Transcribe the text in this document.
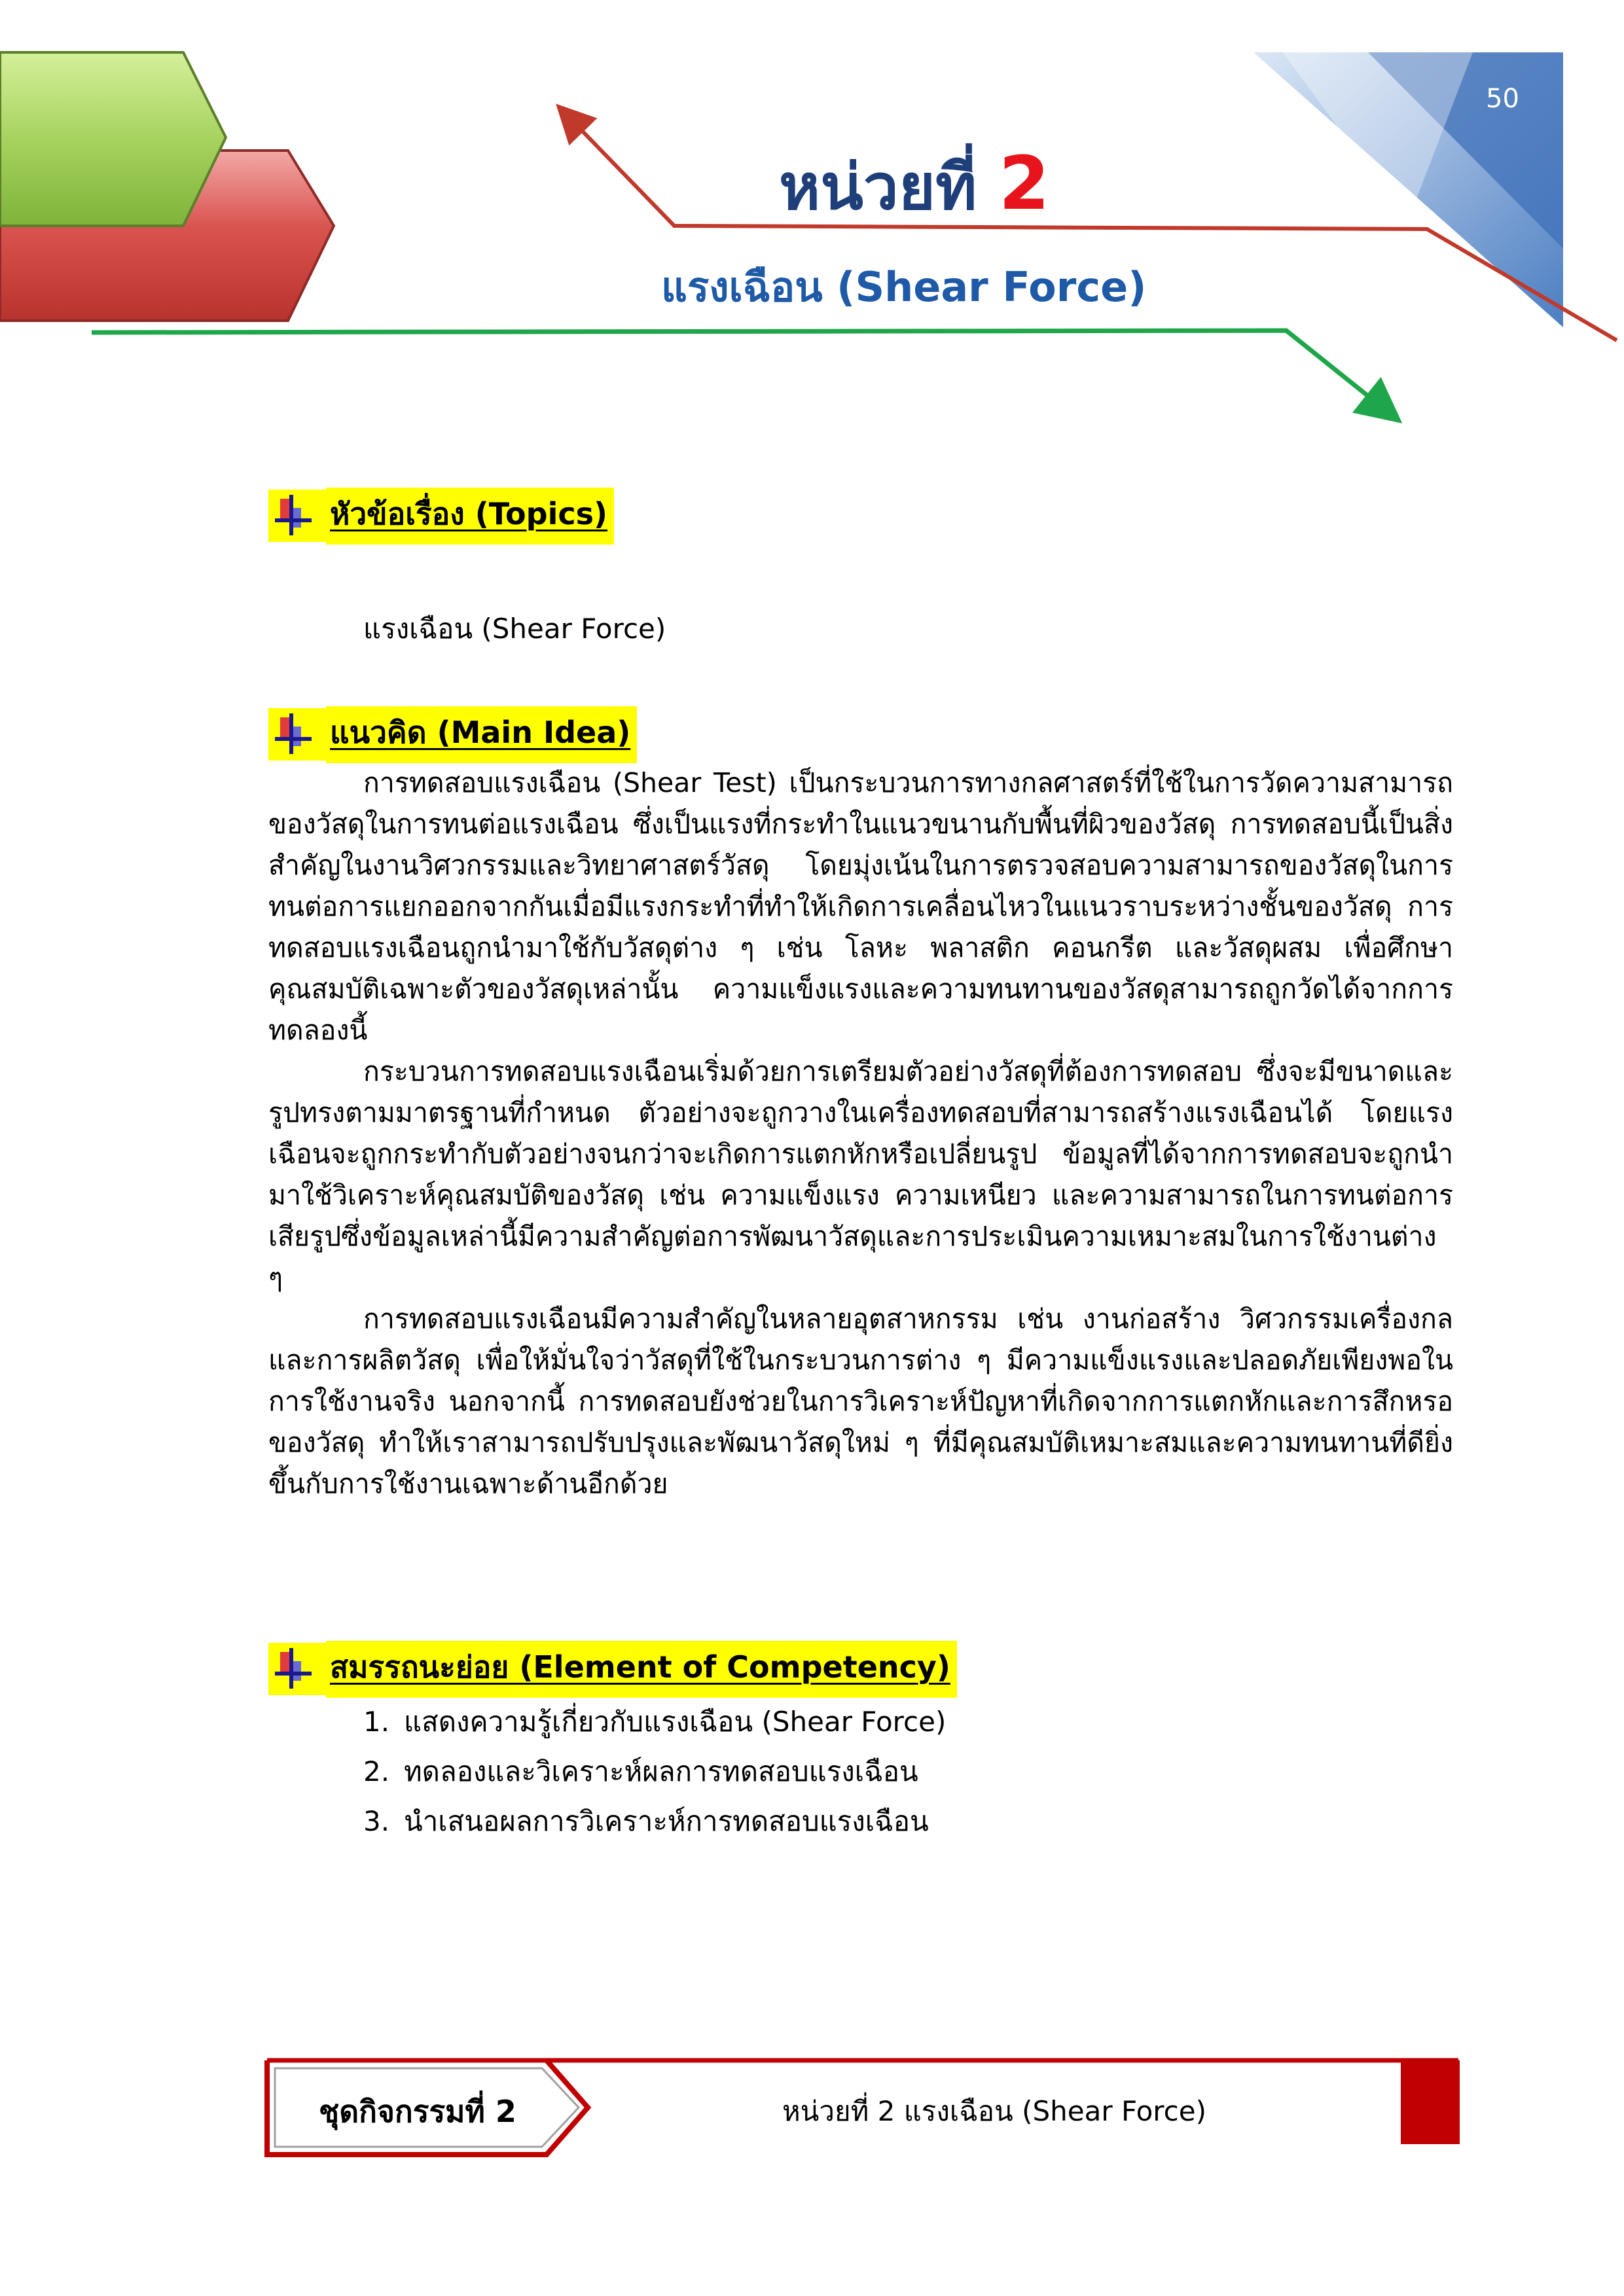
50
หน่วยที่ 2
แรงเฉือน (Shear Force)
หัวข้อเรื่อง (Topics)
แรงเฉือน (Shear Force)
แนวคิด (Main Idea)

การทดสอบแรงเฉือน (Shear Test) เป็นกระบวนการทางกลศาสตร์ที่ใช้ในการวัดความสามารถของวัสดุในการทนต่อแรงเฉือน ซึ่งเป็นแรงที่กระทำในแนวขนานกับพื้นที่ผิวของวัสดุ การทดสอบนี้เป็นสิ่งสำคัญในงานวิศวกรรมและวิทยาศาสตร์วัสดุ โดยมุ่งเน้นในการตรวจสอบความสามารถของวัสดุในการทนต่อการแยกออกจากกันเมื่อมีแรงกระทำที่ทำให้เกิดการเคลื่อนไหวในแนวราบระหว่างชั้นของวัสดุ การทดสอบแรงเฉือนถูกนำมาใช้กับวัสดุต่าง ๆ เช่น โลหะ พลาสติก คอนกรีต และวัสดุผสม เพื่อศึกษาคุณสมบัติเฉพาะตัวของวัสดุเหล่านั้น ความแข็งแรงและความทนทานของวัสดุสามารถถูกวัดได้จากการทดลองนี้

กระบวนการทดสอบแรงเฉือนเริ่มด้วยการเตรียมตัวอย่างวัสดุที่ต้องการทดสอบ ซึ่งจะมีขนาดและรูปทรงตามมาตรฐานที่กำหนด ตัวอย่างจะถูกวางในเครื่องทดสอบที่สามารถสร้างแรงเฉือนได้ โดยแรงเฉือนจะถูกกระทำกับตัวอย่างจนกว่าจะเกิดการแตกหักหรือเปลี่ยนรูป ข้อมูลที่ได้จากการทดสอบจะถูกนำมาใช้วิเคราะห์คุณสมบัติของวัสดุ เช่น ความแข็งแรง ความเหนียว และความสามารถในการทนต่อการเสียรูปซึ่งข้อมูลเหล่านี้มีความสำคัญต่อการพัฒนาวัสดุและการประเมินความเหมาะสมในการใช้งานต่าง ๆ

การทดสอบแรงเฉือนมีความสำคัญในหลายอุตสาหกรรม เช่น งานก่อสร้าง วิศวกรรมเครื่องกล และการผลิตวัสดุ เพื่อให้มั่นใจว่าวัสดุที่ใช้ในกระบวนการต่าง ๆ มีความแข็งแรงและปลอดภัยเพียงพอในการใช้งานจริง นอกจากนี้ การทดสอบยังช่วยในการวิเคราะห์ปัญหาที่เกิดจากการแตกหักและการสึกหรอของวัสดุ ทำให้เราสามารถปรับปรุงและพัฒนาวัสดุใหม่ ๆ ที่มีคุณสมบัติเหมาะสมและความทนทานที่ดียิ่งขึ้นกับการใช้งานเฉพาะด้านอีกด้วย

สมรรถนะย่อย (Element of Competency)
1. แสดงความรู้เกี่ยวกับแรงเฉือน (Shear Force)
2. ทดลองและวิเคราะห์ผลการทดสอบแรงเฉือน
3. นำเสนอผลการวิเคราะห์การทดสอบแรงเฉือน
ชุดกิจกรรมที่ 2	หน่วยที่ 2 แรงเฉือน (Shear Force)
